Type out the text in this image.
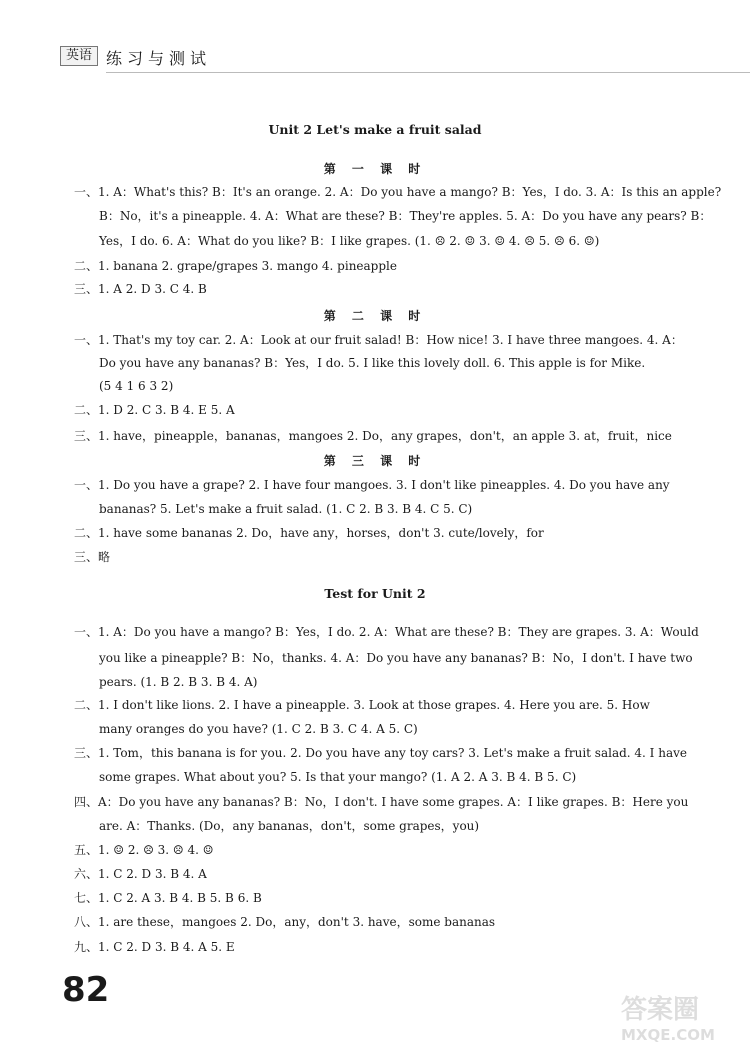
英语 练习与测试
Unit 2 Let's make a fruit salad
第 一 课 时
一、1. A：What's this? B：It's an orange. 2. A：Do you have a mango? B：Yes，I do. 3. A：Is this an apple?
B：No，it's a pineapple. 4. A：What are these? B：They're apples. 5. A：Do you have any pears? B：
Yes，I do. 6. A：What do you like? B：I like grapes. (1. ☹ 2. ☺ 3. ☺ 4. ☹ 5. ☹ 6. ☺)
二、1. banana 2. grape/grapes 3. mango 4. pineapple
三、1. A 2. D 3. C 4. B
第 二 课 时
一、1. That's my toy car. 2. A：Look at our fruit salad! B：How nice! 3. I have three mangoes. 4. A：
Do you have any bananas? B：Yes，I do. 5. I like this lovely doll. 6. This apple is for Mike.
(5 4 1 6 3 2)
二、1. D 2. C 3. B 4. E 5. A
三、1. have，pineapple，bananas，mangoes 2. Do，any grapes，don't，an apple 3. at，fruit，nice
第 三 课 时
一、1. Do you have a grape? 2. I have four mangoes. 3. I don't like pineapples. 4. Do you have any
bananas? 5. Let's make a fruit salad. (1. C 2. B 3. B 4. C 5. C)
二、1. have some bananas 2. Do，have any，horses，don't 3. cute/lovely，for
三、略
Test for Unit 2
一、1. A：Do you have a mango? B：Yes，I do. 2. A：What are these? B：They are grapes. 3. A：Would
you like a pineapple? B：No，thanks. 4. A：Do you have any bananas? B：No，I don't. I have two
pears. (1. B 2. B 3. B 4. A)
二、1. I don't like lions. 2. I have a pineapple. 3. Look at those grapes. 4. Here you are. 5. How
many oranges do you have? (1. C 2. B 3. C 4. A 5. C)
三、1. Tom，this banana is for you. 2. Do you have any toy cars? 3. Let's make a fruit salad. 4. I have
some grapes. What about you? 5. Is that your mango? (1. A 2. A 3. B 4. B 5. C)
四、A：Do you have any bananas? B：No，I don't. I have some grapes. A：I like grapes. B：Here you
are. A：Thanks. (Do，any bananas，don't，some grapes，you)
五、1. ☺ 2. ☹ 3. ☹ 4. ☺
六、1. C 2. D 3. B 4. A
七、1. C 2. A 3. B 4. B 5. B 6. B
八、1. are these，mangoes 2. Do，any，don't 3. have，some bananas
九、1. C 2. D 3. B 4. A 5. E
82	答案圈
MXQE.COM
